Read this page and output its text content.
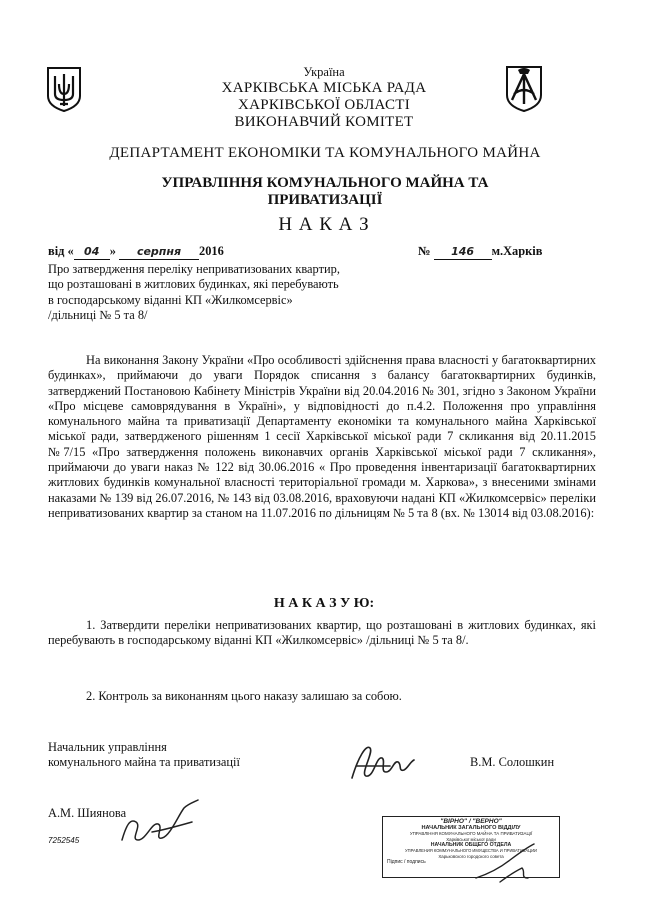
Україна
ХАРКІВСЬКА МІСЬКА РАДА
ХАРКІВСЬКОЇ ОБЛАСТІ
ВИКОНАВЧИЙ КОМІТЕТ
ДЕПАРТАМЕНТ ЕКОНОМІКИ ТА КОМУНАЛЬНОГО МАЙНА
УПРАВЛІННЯ КОМУНАЛЬНОГО МАЙНА ТА
ПРИВАТИЗАЦІЇ
Н А К А З
від « 04 » серпня 2016	№ 146 м.Харків
Про затвердження переліку неприватизованих квартир,
що розташовані в житлових будинках, які перебувають
в господарському віданні КП «Жилкомсервіс»
/дільниці № 5 та 8/
На виконання Закону України «Про особливості здійснення права власності у багатоквартирних будинках», приймаючи до уваги Порядок списання з балансу багатоквартирних будинків, затверджений Постановою Кабінету Міністрів України від 20.04.2016 № 301, згідно з Законом України «Про місцеве самоврядування в Україні», у відповідності до п.4.2. Положення про управління комунального майна та приватизації Департаменту економіки та комунального майна Харківської міської ради, затвердженого рішенням 1 сесії Харківської міської ради 7 скликання від 20.11.2015 №7/15 «Про затвердження положень виконавчих органів Харківської міської ради 7 скликання», приймаючи до уваги наказ № 122 від 30.06.2016 « Про проведення інвентаризації багатоквартирних житлових будинків комунальної власності територіальної громади м. Харкова», з внесеними змінами наказами № 139 від 26.07.2016, № 143 від 03.08.2016, враховуючи надані КП «Жилкомсервіс» переліки неприватизованих квартир за станом на 11.07.2016 по дільницям № 5 та 8 (вх. № 13014 від 03.08.2016):
Н А К А З У Ю:
1. Затвердити переліки неприватизованих квартир, що розташовані в житлових будинках, які перебувають в господарському віданні КП «Жилкомсервіс» /дільниці № 5 та 8/.
2. Контроль за виконанням цього наказу залишаю за собою.
Начальник управління
комунального майна та приватизації	В.М. Солошкин
А.М. Шиянова
7252545
"ВІРНО" / "ВЕРНО"
НАЧАЛЬНИК ЗАГАЛЬНОГО ВІДДІЛУ
УПРАВЛІННЯ КОМУНАЛЬНОГО МАЙНА ТА ПРИВАТИЗАЦІЇ
Харківської міської ради
НАЧАЛЬНИК ОБЩЕГО ОТДЕЛА
УПРАВЛЕНИЯ КОММУНАЛЬНОГО ИМУЩЕСТВА И ПРИВАТИЗАЦИИ
Харьковского городского совета
Підпис / подпись
